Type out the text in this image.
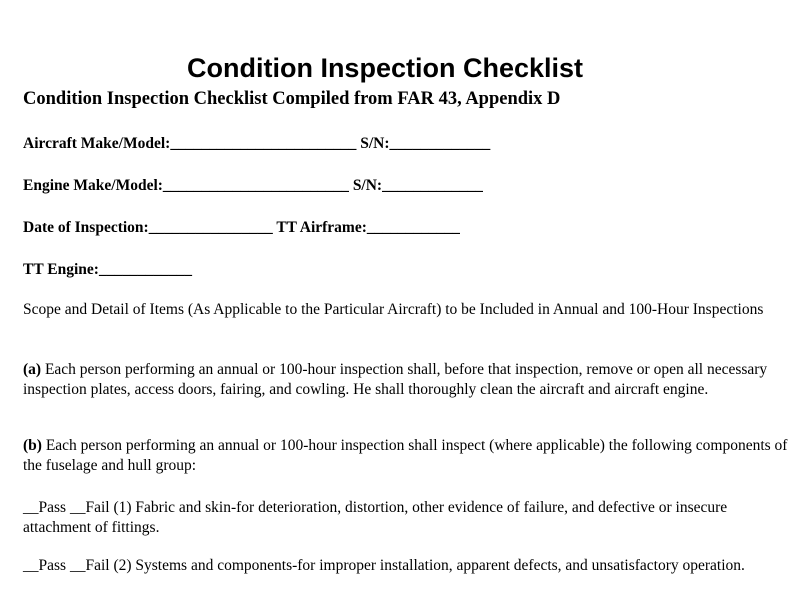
Condition Inspection Checklist
Condition Inspection Checklist Compiled from FAR 43, Appendix D
Aircraft Make/Model:________________________ S/N:_____________
Engine Make/Model:________________________ S/N:_____________
Date of Inspection:________________ TT Airframe:____________
TT Engine:____________

Scope and Detail of Items (As Applicable to the Particular Aircraft) to be Included in Annual and 100-Hour Inspections

(a) Each person performing an annual or 100-hour inspection shall, before that inspection, remove or open all necessary inspection plates, access doors, fairing, and cowling. He shall thoroughly clean the aircraft and aircraft engine.

(b) Each person performing an annual or 100-hour inspection shall inspect (where applicable) the following components of the fuselage and hull group:

__Pass __Fail (1) Fabric and skin-for deterioration, distortion, other evidence of failure, and defective or insecure attachment of fittings.

__Pass __Fail (2) Systems and components-for improper installation, apparent defects, and unsatisfactory operation.
